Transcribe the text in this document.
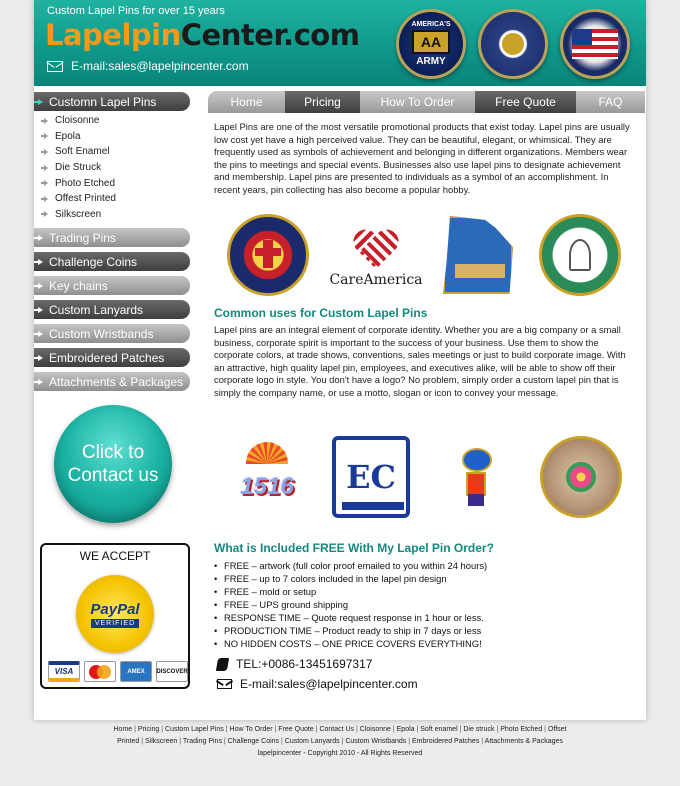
Custom Lapel Pins for over 15 years
LapelpinCenter.com
E-mail:sales@lapelpincenter.com
AMERICA'S
AA
ARMY
Customn Lapel Pins
Cloisonne
Epola
Soft Enamel
Die Struck
Photo Etched
Offest Printed
Silkscreen
Trading Pins
Challenge Coins
Key chains
Custom Lanyards
Custom Wristbands
Embroidered Patches
Attachments & Packages
Click to
Contact us
WE ACCEPT
PayPal
VERIFIED
VISA	AMEX	DISCOVER
Home	Pricing	How To Order	Free Quote	FAQ

Lapel Pins are one of the most versatile promotional products that exist today. Lapel pins are usually low cost yet have a high perceived value. They can be beautiful, elegant, or whimsical. They are frequently used as symbols of achievement and belonging in different organizations. Members wear the pins to meetings and special events. Businesses also use lapel pins to designate achievement and membership. Lapel pins are presented to individuals as a symbol of an accomplishment. In recent years, pin collecting has also become a popular hobby.

CareAmerica
Common uses for Custom Lapel Pins

Lapel pins are an integral element of corporate identity. Whether you are a big company or a small business, corporate spirit is important to the success of your business. Use them to show the corporate colors, at trade shows, conventions, sales meetings or just to build corporate image. With an attractive, high quality lapel pin, employees, and executives alike, will be able to show off their corporate logo in style. You don't have a logo? No problem, simply order a custom lapel pin that is simply the company name, or use a motto, slogan or icon to convey your message.

1516 EC
What is Included FREE With My Lapel Pin Order?
• FREE – artwork (full color proof emailed to you within 24 hours)
• FREE – up to 7 colors included in the lapel pin design
• FREE – mold or setup
• FREE – UPS ground shipping
• RESPONSE TIME – Quote request response in 1 hour or less.
• PRODUCTION TIME – Product ready to ship in 7 days or less
• NO HIDDEN COSTS – ONE PRICE COVERS EVERYTHING!
TEL:+0086-13451697317
E-mail:sales@lapelpincenter.com
Home | Pricing | Custom Lapel Pins | How To Order | Free Quote | Contact Us | Cloisonne | Epola | Soft enamel | Die struck | Photo Etched | Offset Printed | Silkscreen | Trading Pins | Challenge Coins | Custom Lanyards | Custom Wristbands | Embroidered Patches | Attachments & Packages
lapelpincenter - Copyright 2010 - All Rights Reserved
